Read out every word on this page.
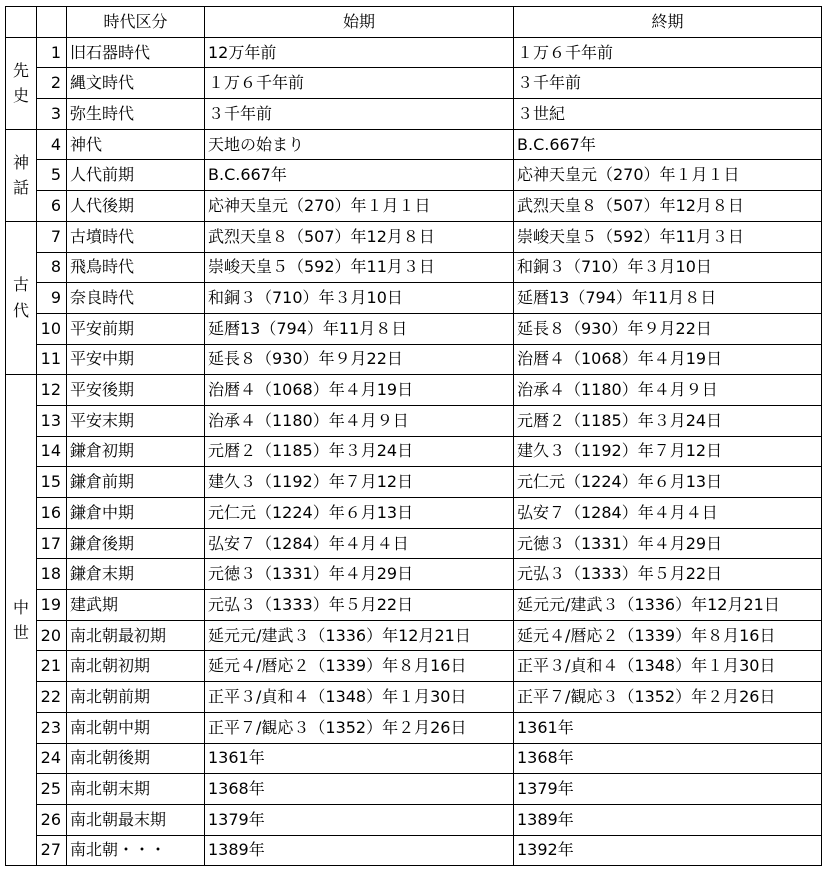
		時代区分	始期	終期

先史	1	旧石器時代	12万年前	１万６千年前
	2	縄文時代	１万６千年前	３千年前
	3	弥生時代	３千年前	３世紀

神話	4	神代	天地の始まり	B.C.667年
	5	人代前期	B.C.667年	応神天皇元（270）年１月１日
	6	人代後期	応神天皇元（270）年１月１日	武烈天皇８（507）年12月８日

古代	7	古墳時代	武烈天皇８（507）年12月８日	崇峻天皇５（592）年11月３日
	8	飛鳥時代	崇峻天皇５（592）年11月３日	和銅３（710）年３月10日
	9	奈良時代	和銅３（710）年３月10日	延暦13（794）年11月８日
	10	平安前期	延暦13（794）年11月８日	延長８（930）年９月22日
	11	平安中期	延長８（930）年９月22日	治暦４（1068）年４月19日

中世	12	平安後期	治暦４（1068）年４月19日	治承４（1180）年４月９日
	13	平安末期	治承４（1180）年４月９日	元暦２（1185）年３月24日
	14	鎌倉初期	元暦２（1185）年３月24日	建久３（1192）年７月12日
	15	鎌倉前期	建久３（1192）年７月12日	元仁元（1224）年６月13日
	16	鎌倉中期	元仁元（1224）年６月13日	弘安７（1284）年４月４日
	17	鎌倉後期	弘安７（1284）年４月４日	元徳３（1331）年４月29日
	18	鎌倉末期	元徳３（1331）年４月29日	元弘３（1333）年５月22日
	19	建武期	元弘３（1333）年５月22日	延元元/建武３（1336）年12月21日
	20	南北朝最初期	延元元/建武３（1336）年12月21日	延元４/暦応２（1339）年８月16日
	21	南北朝初期	延元４/暦応２（1339）年８月16日	正平３/貞和４（1348）年１月30日
	22	南北朝前期	正平３/貞和４（1348）年１月30日	正平７/観応３（1352）年２月26日
	23	南北朝中期	正平７/観応３（1352）年２月26日	1361年
	24	南北朝後期	1361年	1368年
	25	南北朝末期	1368年	1379年
	26	南北朝最末期	1379年	1389年
	27	南北朝・・・	1389年	1392年
